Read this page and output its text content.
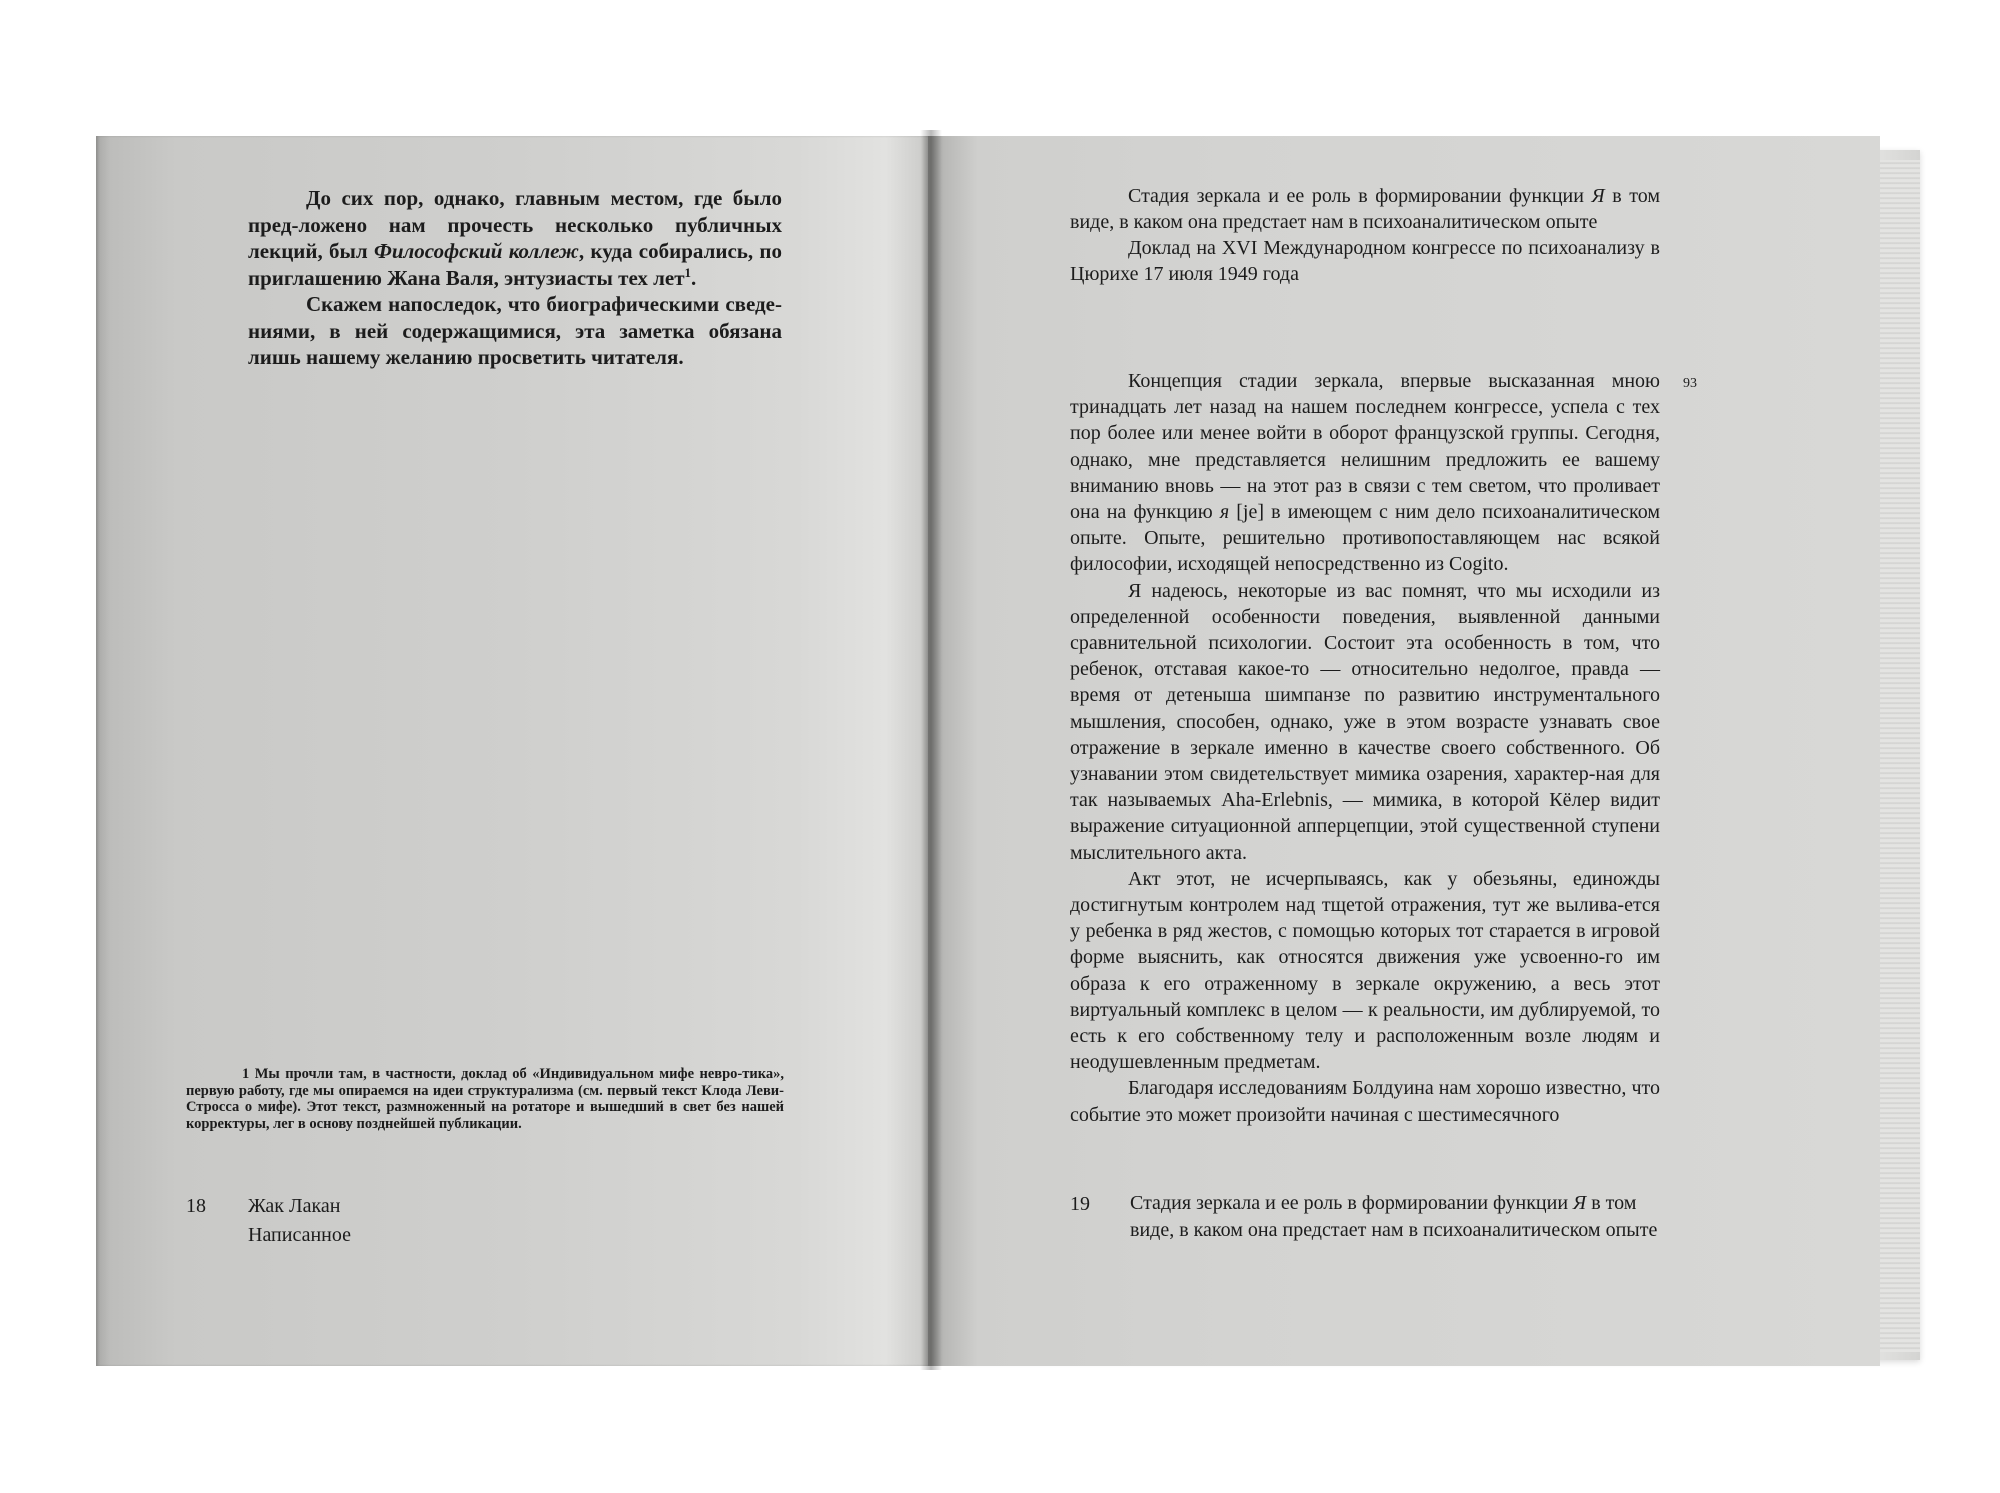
До сих пор, однако, главным местом, где было пред-ложено нам прочесть несколько публичных лекций, был Философский коллеж, куда собирались, по приглашению Жана Валя, энтузиасты тех лет$^1$.

Скажем напоследок, что биографическими сведе-ниями, в ней содержащимися, эта заметка обязана лишь нашему желанию просветить читателя.

1 Мы прочли там, в частности, доклад об «Индивидуальном мифе невро-тика», первую работу, где мы опираемся на идеи структурализма (см. первый текст Клода Леви-Стросса о мифе). Этот текст, размноженный на ротаторе и вышедший в свет без нашей корректуры, лег в основу позднейшей публикации.

18 Жак Лакан
Написанное

Стадия зеркала и ее роль в формировании функции Я в том виде, в каком она предстает нам в психоаналитическом опыте

Доклад на XVI Международном конгрессе по психоанализу в Цюрихе 17 июля 1949 года

93

Концепция стадии зеркала, впервые высказанная мною тринадцать лет назад на нашем последнем конгрессе, успела с тех пор более или менее войти в оборот французской группы. Сегодня, однако, мне представляется нелишним предложить ее вашему вниманию вновь — на этот раз в связи с тем светом, что проливает она на функцию я [je] в имеющем с ним дело психоаналитическом опыте. Опыте, решительно противопоставляющем нас всякой философии, исходящей непосредственно из Cogito.

Я надеюсь, некоторые из вас помнят, что мы исходили из определенной особенности поведения, выявленной данными сравнительной психологии. Состоит эта особенность в том, что ребенок, отставая какое-то — относительно недолгое, правда — время от детеныша шимпанзе по развитию инструментального мышления, способен, однако, уже в этом возрасте узнавать свое отражение в зеркале именно в качестве своего собственного. Об узнавании этом свидетельствует мимика озарения, характер-ная для так называемых Aha-Erlebnis, — мимика, в которой Кёлер видит выражение ситуационной апперцепции, этой существенной ступени мыслительного акта.

Акт этот, не исчерпываясь, как у обезьяны, единожды достигнутым контролем над тщетой отражения, тут же вылива-ется у ребенка в ряд жестов, с помощью которых тот старается в игровой форме выяснить, как относятся движения уже усвоенно-го им образа к его отраженному в зеркале окружению, а весь этот виртуальный комплекс в целом — к реальности, им дублируемой, то есть к его собственному телу и расположенным возле людям и неодушевленным предметам.

Благодаря исследованиям Болдуина нам хорошо известно, что событие это может произойти начиная с шестимесячного

19 Стадия зеркала и ее роль в формировании функции Я в том виде, в каком она предстает нам в психоаналитическом опыте
